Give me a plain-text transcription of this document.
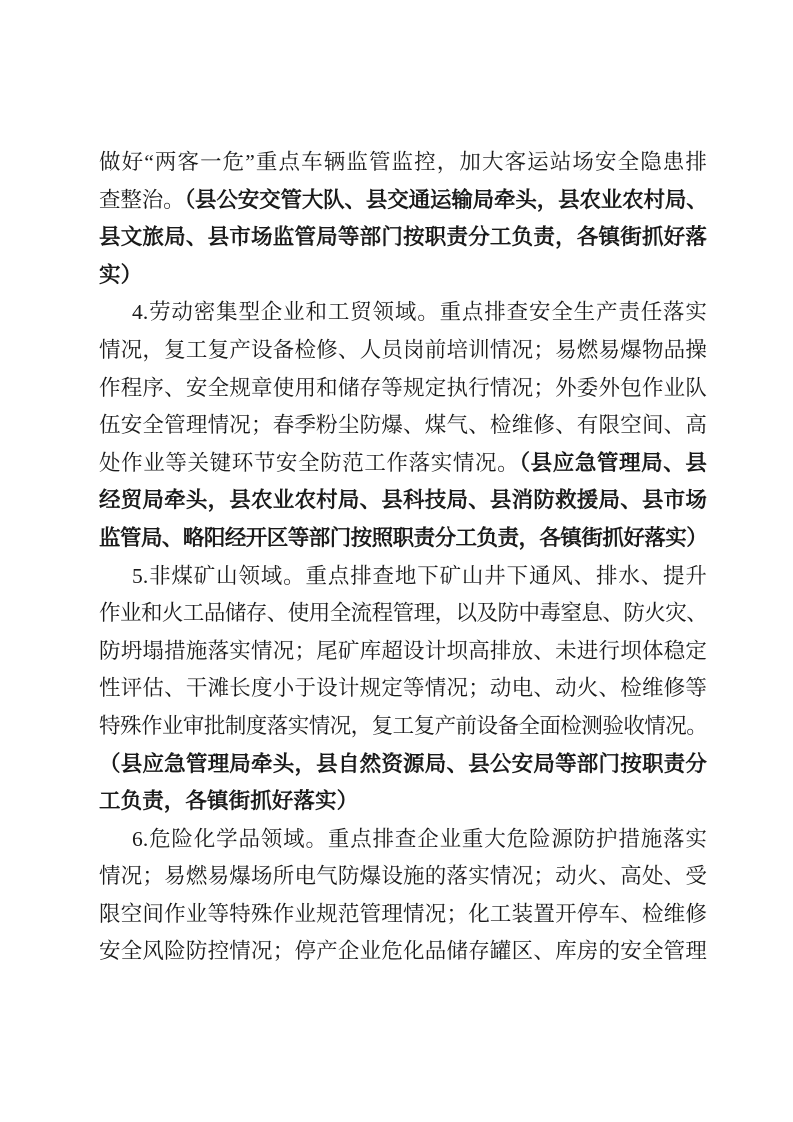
做好“两客一危”重点车辆监管监控，加大客运站场安全隐患排
查整治。（县公安交管大队、县交通运输局牵头，县农业农村局、
县文旅局、县市场监管局等部门按职责分工负责，各镇街抓好落
实）
4.劳动密集型企业和工贸领域。重点排查安全生产责任落实
情况，复工复产设备检修、人员岗前培训情况；易燃易爆物品操
作程序、安全规章使用和储存等规定执行情况；外委外包作业队
伍安全管理情况；春季粉尘防爆、煤气、检维修、有限空间、高
处作业等关键环节安全防范工作落实情况。（县应急管理局、县
经贸局牵头，县农业农村局、县科技局、县消防救援局、县市场
监管局、略阳经开区等部门按照职责分工负责，各镇街抓好落实）
5.非煤矿山领域。重点排查地下矿山井下通风、排水、提升
作业和火工品储存、使用全流程管理，以及防中毒窒息、防火灾、
防坍塌措施落实情况；尾矿库超设计坝高排放、未进行坝体稳定
性评估、干滩长度小于设计规定等情况；动电、动火、检维修等
特殊作业审批制度落实情况，复工复产前设备全面检测验收情况。
（县应急管理局牵头，县自然资源局、县公安局等部门按职责分
工负责，各镇街抓好落实）
6.危险化学品领域。重点排查企业重大危险源防护措施落实
情况；易燃易爆场所电气防爆设施的落实情况；动火、高处、受
限空间作业等特殊作业规范管理情况；化工装置开停车、检维修
安全风险防控情况；停产企业危化品储存罐区、库房的安全管理
